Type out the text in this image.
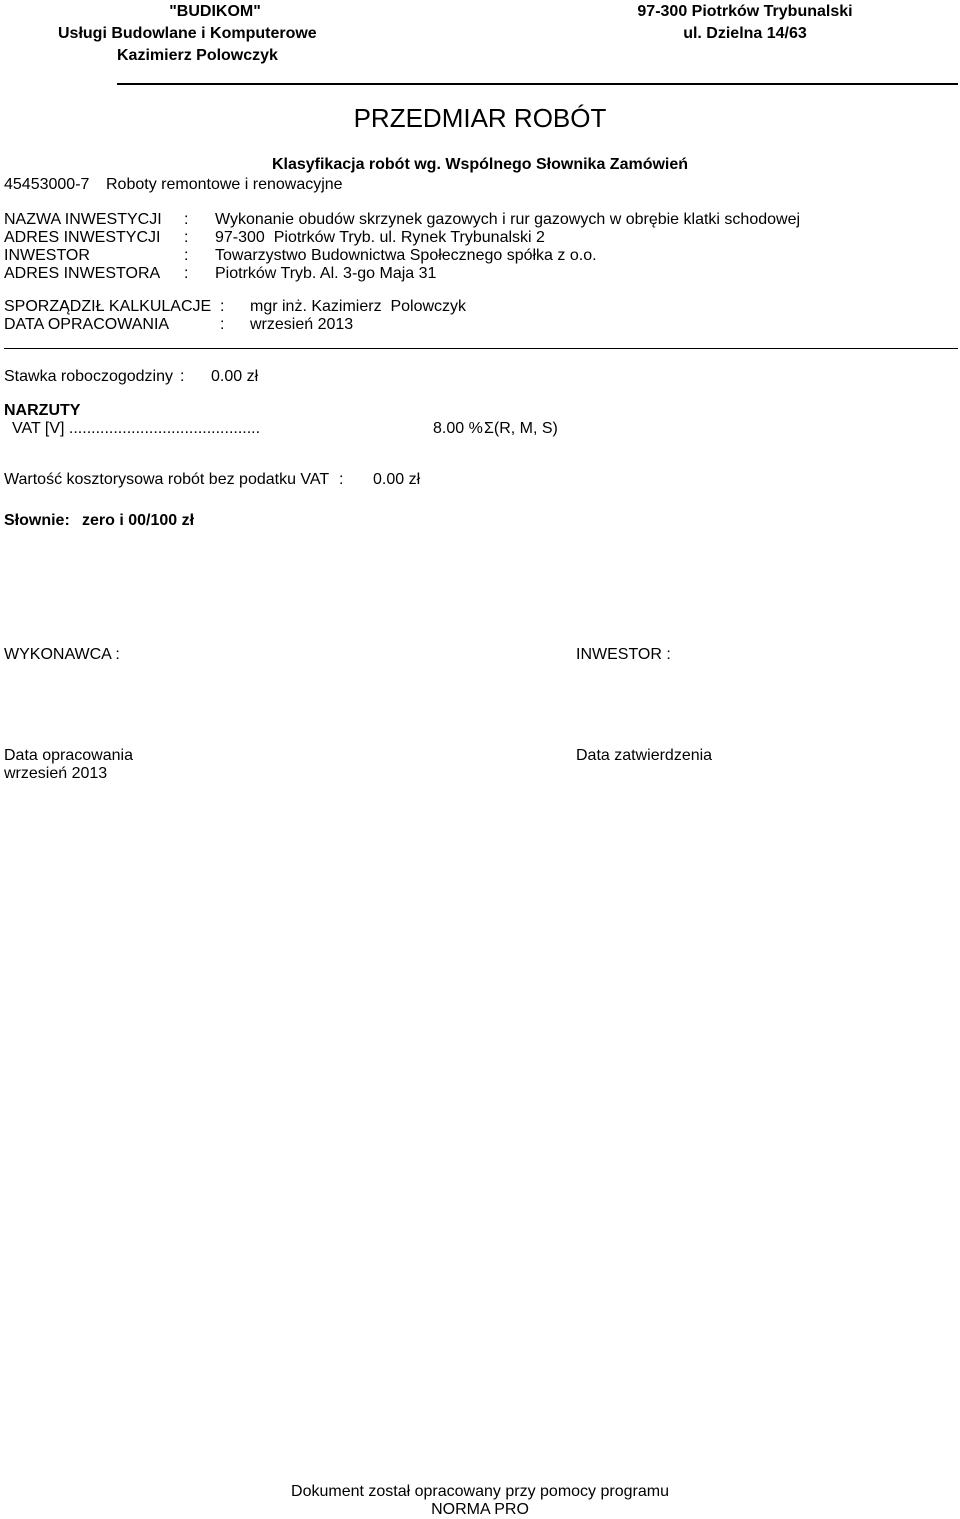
"BUDIKOM"
Usługi Budowlane i Komputerowe
Kazimierz Polowczyk
97-300 Piotrków Trybunalski
ul. Dzielna 14/63
PRZEDMIAR ROBÓT
Klasyfikacja robót wg. Wspólnego Słownika Zamówień
45453000-7 Roboty remontowe i renowacyjne
NAZWA INWESTYCJI : Wykonanie obudów skrzynek gazowych i rur gazowych w obrębie klatki schodowej
ADRES INWESTYCJI : 97-300  Piotrków Tryb. ul. Rynek Trybunalski 2
INWESTOR	: Towarzystwo Budownictwa Społecznego spółka z o.o.
ADRES INWESTORA : Piotrków Tryb. Al. 3-go Maja 31
SPORZĄDZIŁ KALKULACJE : mgr inż. Kazimierz  Polowczyk
DATA OPRACOWANIA	: wrzesień 2013
Stawka roboczogodziny : 0.00 zł
NARZUTY
VAT [V] ...........................................	8.00 % Σ(R, M, S)
Wartość kosztorysowa robót bez podatku VAT : 0.00 zł
Słownie: zero i 00/100 zł
WYKONAWCA :	INWESTOR :
Data opracowania
wrzesień 2013
Data zatwierdzenia
Dokument został opracowany przy pomocy programu
NORMA PRO
